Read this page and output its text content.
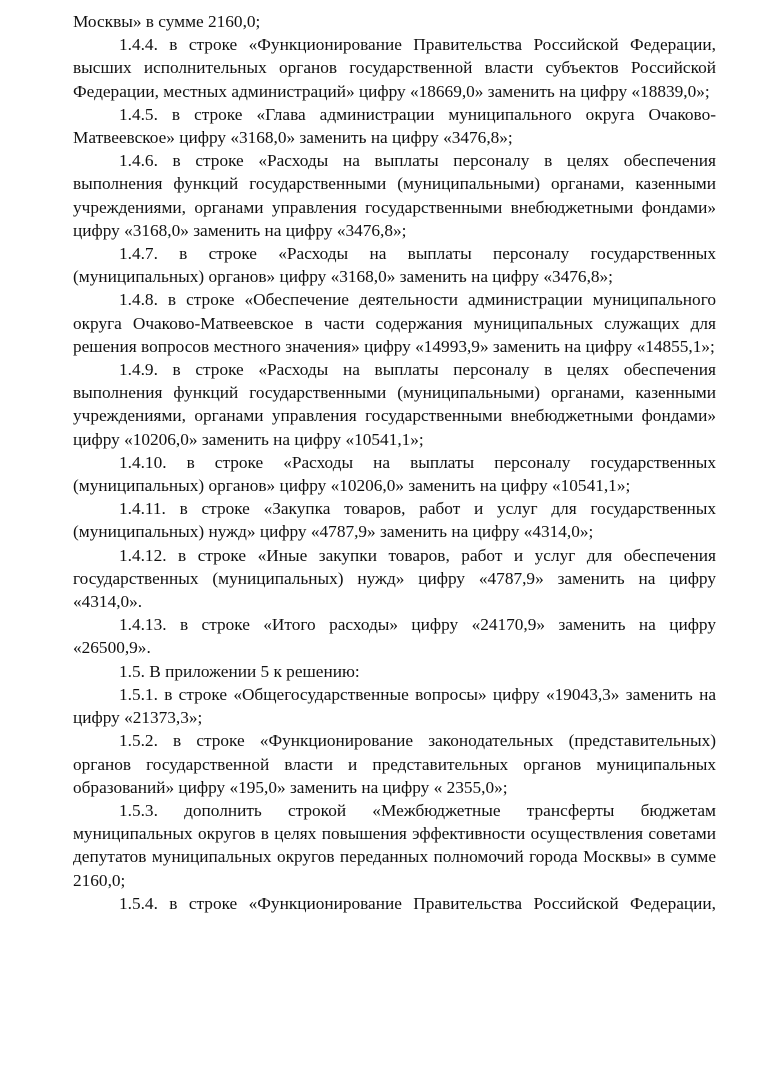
Москвы» в сумме 2160,0;

1.4.4. в строке «Функционирование Правительства Российской Федерации, высших исполнительных органов государственной власти субъектов Российской Федерации, местных администраций» цифру «18669,0» заменить на цифру «18839,0»;

1.4.5. в строке «Глава администрации муниципального округа Очаково-Матвеевское» цифру «3168,0» заменить на цифру «3476,8»;

1.4.6. в строке «Расходы на выплаты персоналу в целях обеспечения выполнения функций государственными (муниципальными) органами, казенными учреждениями, органами управления государственными внебюджетными фондами» цифру «3168,0» заменить на цифру «3476,8»;

1.4.7. в строке «Расходы на выплаты персоналу государственных (муниципальных) органов» цифру «3168,0» заменить на цифру «3476,8»;

1.4.8. в строке «Обеспечение деятельности администрации муниципального округа Очаково-Матвеевское в части содержания муниципальных служащих для решения вопросов местного значения» цифру «14993,9» заменить на цифру «14855,1»;

1.4.9. в строке «Расходы на выплаты персоналу в целях обеспечения выполнения функций государственными (муниципальными) органами, казенными учреждениями, органами управления государственными внебюджетными фондами» цифру «10206,0» заменить на цифру «10541,1»;

1.4.10. в строке «Расходы на выплаты персоналу государственных (муниципальных) органов» цифру «10206,0» заменить на цифру «10541,1»;

1.4.11. в строке «Закупка товаров, работ и услуг для государственных (муниципальных) нужд» цифру «4787,9» заменить на цифру «4314,0»;

1.4.12. в строке «Иные закупки товаров, работ и услуг для обеспечения государственных (муниципальных) нужд» цифру «4787,9» заменить на цифру «4314,0».

1.4.13. в строке «Итого расходы» цифру «24170,9» заменить на цифру «26500,9».

1.5. В приложении 5 к решению:

1.5.1. в строке «Общегосударственные вопросы» цифру «19043,3» заменить на цифру «21373,3»;

1.5.2. в строке «Функционирование законодательных (представительных) органов государственной власти и представительных органов муниципальных образований» цифру «195,0» заменить на цифру « 2355,0»;

1.5.3. дополнить строкой «Межбюджетные трансферты бюджетам муниципальных округов в целях повышения эффективности осуществления советами депутатов муниципальных округов переданных полномочий города Москвы» в сумме 2160,0;

1.5.4. в строке «Функционирование Правительства Российской Федерации,
